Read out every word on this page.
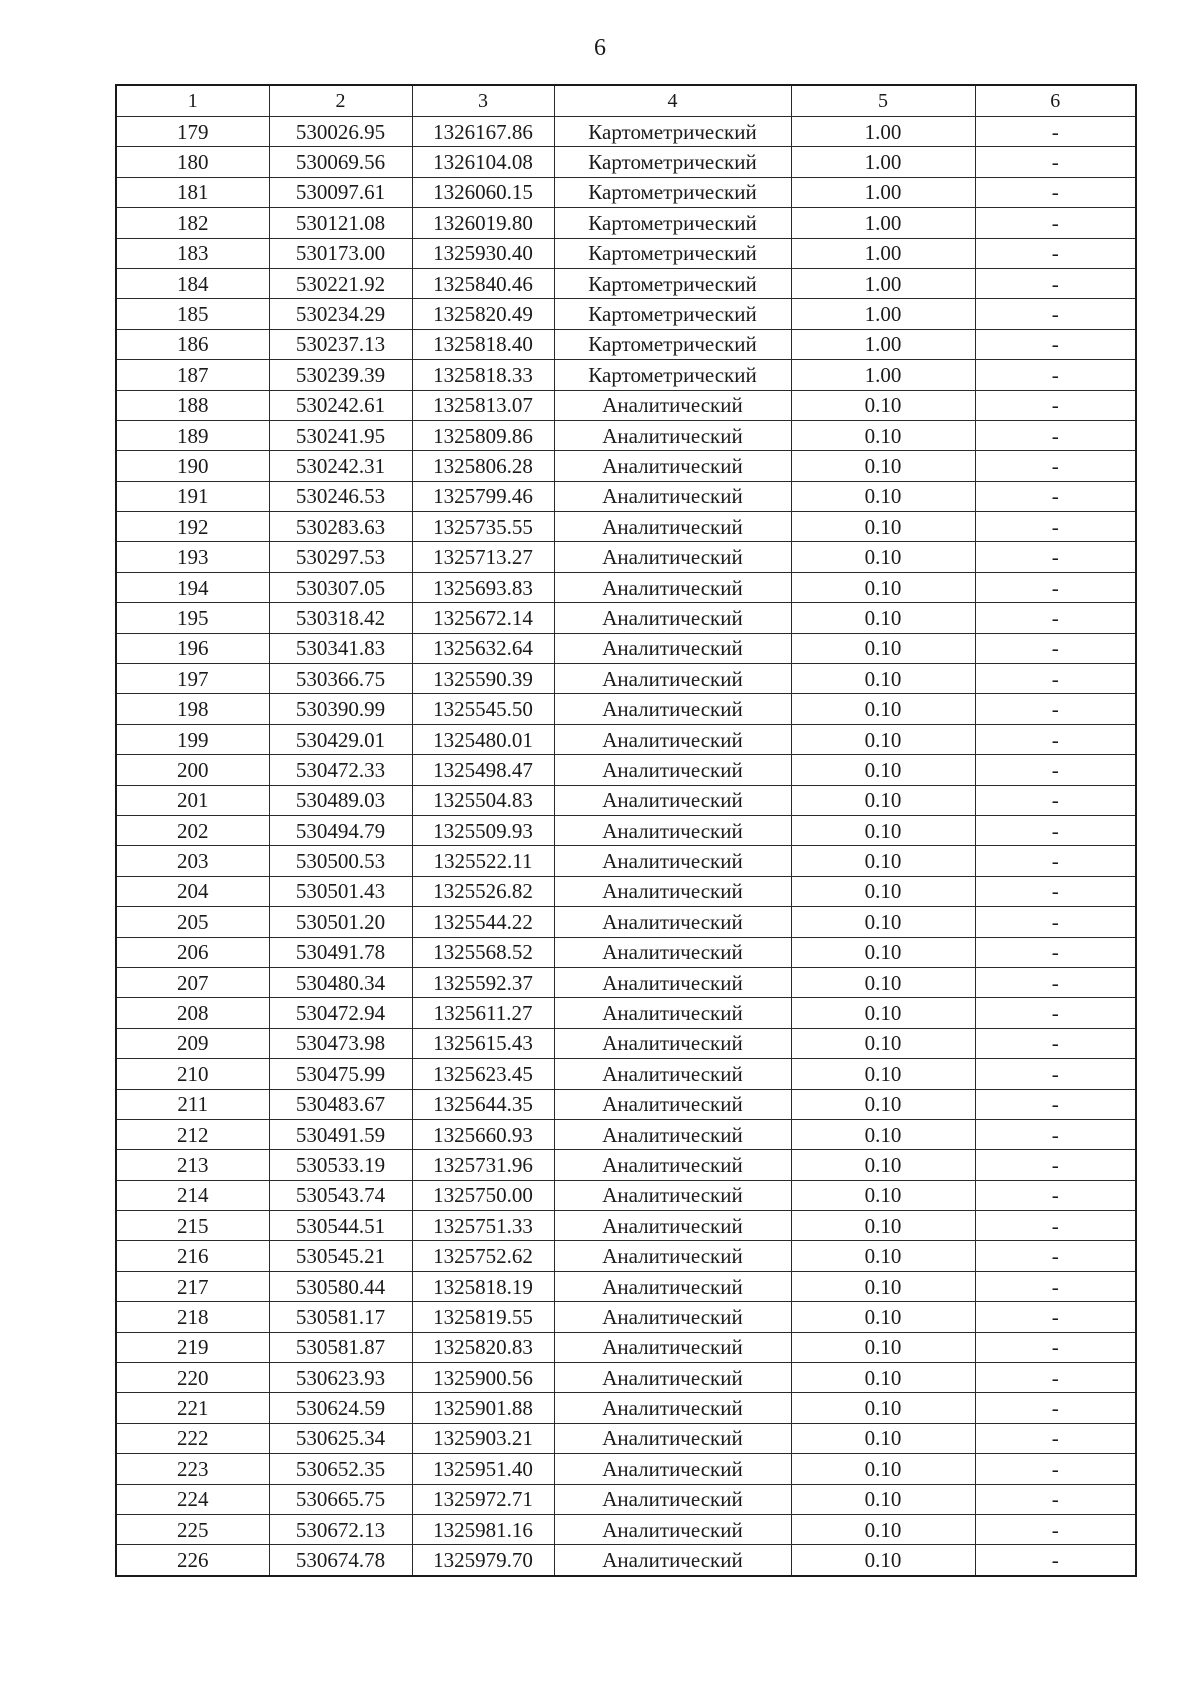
6
1	2	3	4	5	6
179	530026.95	1326167.86	Картометрический	1.00	-
180	530069.56	1326104.08	Картометрический	1.00	-
181	530097.61	1326060.15	Картометрический	1.00	-
182	530121.08	1326019.80	Картометрический	1.00	-
183	530173.00	1325930.40	Картометрический	1.00	-
184	530221.92	1325840.46	Картометрический	1.00	-
185	530234.29	1325820.49	Картометрический	1.00	-
186	530237.13	1325818.40	Картометрический	1.00	-
187	530239.39	1325818.33	Картометрический	1.00	-
188	530242.61	1325813.07	Аналитический	0.10	-
189	530241.95	1325809.86	Аналитический	0.10	-
190	530242.31	1325806.28	Аналитический	0.10	-
191	530246.53	1325799.46	Аналитический	0.10	-
192	530283.63	1325735.55	Аналитический	0.10	-
193	530297.53	1325713.27	Аналитический	0.10	-
194	530307.05	1325693.83	Аналитический	0.10	-
195	530318.42	1325672.14	Аналитический	0.10	-
196	530341.83	1325632.64	Аналитический	0.10	-
197	530366.75	1325590.39	Аналитический	0.10	-
198	530390.99	1325545.50	Аналитический	0.10	-
199	530429.01	1325480.01	Аналитический	0.10	-
200	530472.33	1325498.47	Аналитический	0.10	-
201	530489.03	1325504.83	Аналитический	0.10	-
202	530494.79	1325509.93	Аналитический	0.10	-
203	530500.53	1325522.11	Аналитический	0.10	-
204	530501.43	1325526.82	Аналитический	0.10	-
205	530501.20	1325544.22	Аналитический	0.10	-
206	530491.78	1325568.52	Аналитический	0.10	-
207	530480.34	1325592.37	Аналитический	0.10	-
208	530472.94	1325611.27	Аналитический	0.10	-
209	530473.98	1325615.43	Аналитический	0.10	-
210	530475.99	1325623.45	Аналитический	0.10	-
211	530483.67	1325644.35	Аналитический	0.10	-
212	530491.59	1325660.93	Аналитический	0.10	-
213	530533.19	1325731.96	Аналитический	0.10	-
214	530543.74	1325750.00	Аналитический	0.10	-
215	530544.51	1325751.33	Аналитический	0.10	-
216	530545.21	1325752.62	Аналитический	0.10	-
217	530580.44	1325818.19	Аналитический	0.10	-
218	530581.17	1325819.55	Аналитический	0.10	-
219	530581.87	1325820.83	Аналитический	0.10	-
220	530623.93	1325900.56	Аналитический	0.10	-
221	530624.59	1325901.88	Аналитический	0.10	-
222	530625.34	1325903.21	Аналитический	0.10	-
223	530652.35	1325951.40	Аналитический	0.10	-
224	530665.75	1325972.71	Аналитический	0.10	-
225	530672.13	1325981.16	Аналитический	0.10	-
226	530674.78	1325979.70	Аналитический	0.10	-
